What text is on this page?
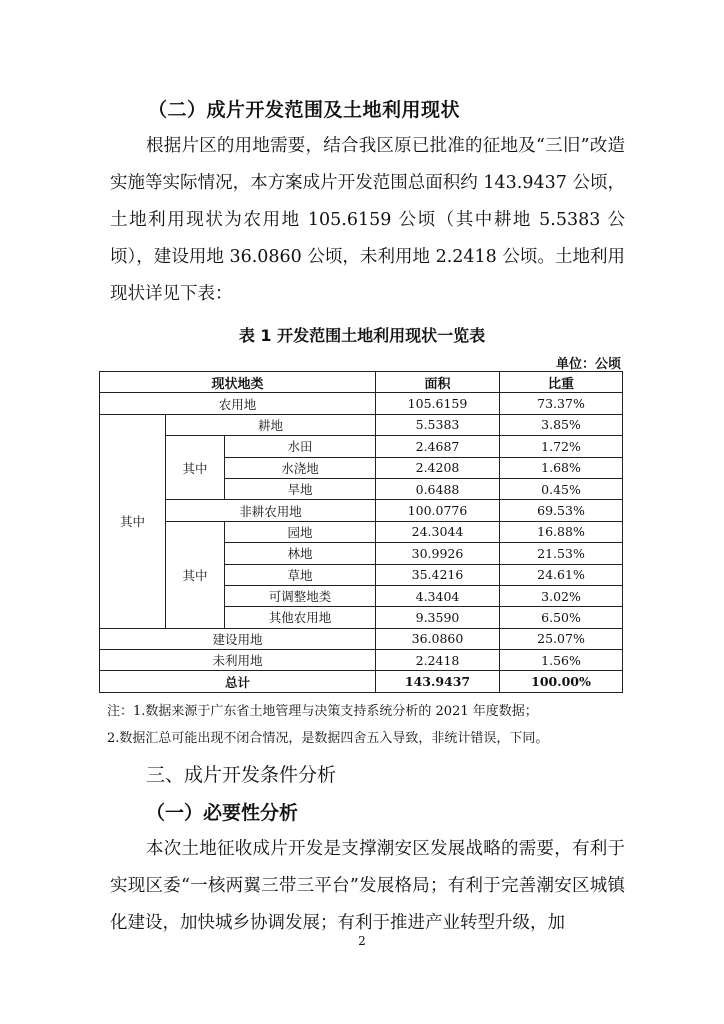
（二）成片开发范围及土地利用现状

根据片区的用地需要，结合我区原已批准的征地及“三旧”改造实施等实际情况，本方案成片开发范围总面积约 143.9437 公顷，土地利用现状为农用地 105.6159 公顷（其中耕地 5.5383 公顷），建设用地 36.0860 公顷，未利用地 2.2418 公顷。土地利用现状详见下表：

表 1 开发范围土地利用现状一览表
单位：公顷
现状地类			面积	比重
农用地			105.6159	73.37%
其中	耕地		5.5383	3.85%
	其中	水田	2.4687	1.72%
		水浇地	2.4208	1.68%
		旱地	0.6488	0.45%
	非耕农用地		100.0776	69.53%
	其中	园地	24.3044	16.88%
		林地	30.9926	21.53%
		草地	35.4216	24.61%
		可调整地类	4.3404	3.02%
		其他农用地	9.3590	6.50%
建设用地			36.0860	25.07%
未利用地			2.2418	1.56%
总计			143.9437	100.00%
注：1.数据来源于广东省土地管理与决策支持系统分析的 2021 年度数据；
2.数据汇总可能出现不闭合情况，是数据四舍五入导致，非统计错误，下同。
三、成片开发条件分析
（一）必要性分析

本次土地征收成片开发是支撑潮安区发展战略的需要，有利于实现区委“一核两翼三带三平台”发展格局；有利于完善潮安区城镇化建设，加快城乡协调发展；有利于推进产业转型升级，加

2
